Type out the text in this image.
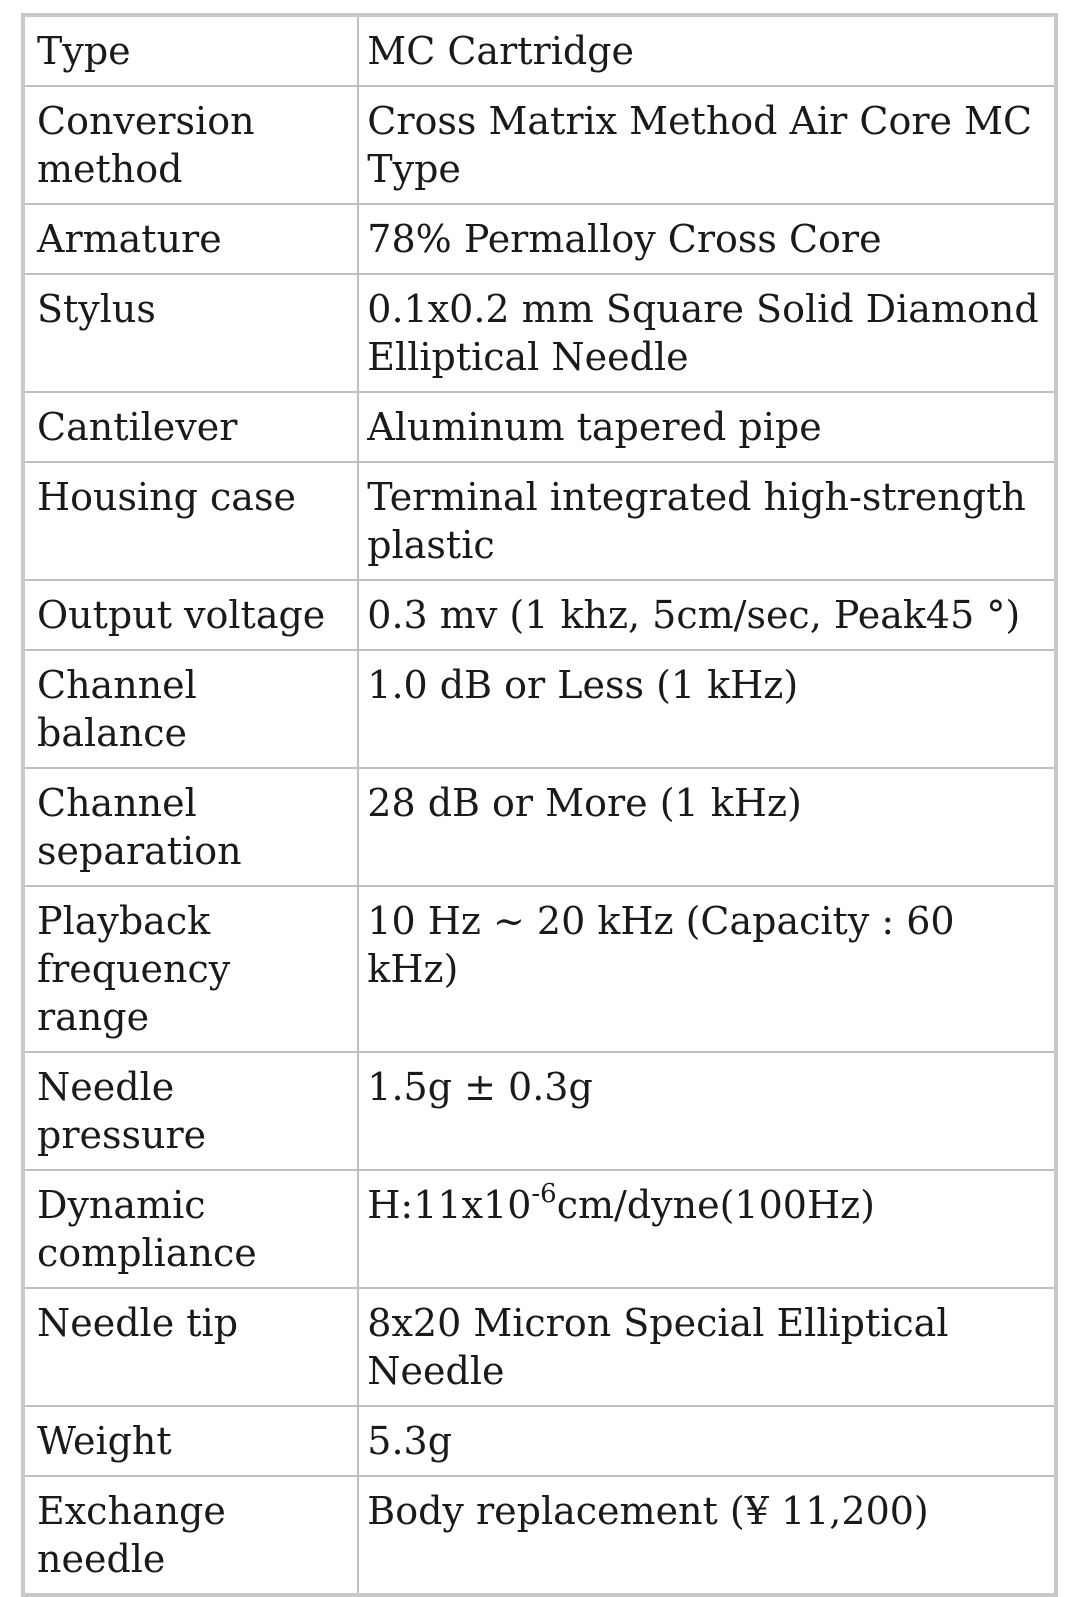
Type	MC Cartridge
Conversion method	Cross Matrix Method Air Core MC Type
Armature	78% Permalloy Cross Core
Stylus	0.1x0.2 mm Square Solid Diamond Elliptical Needle
Cantilever	Aluminum tapered pipe
Housing case	Terminal integrated high-strength plastic
Output voltage	0.3 mv (1 khz, 5cm/sec, Peak45 °)
Channel balance	1.0 dB or Less (1 kHz)
Channel separation	28 dB or More (1 kHz)
Playback frequency range	10 Hz ~ 20 kHz (Capacity : 60 kHz)
Needle pressure	1.5g ± 0.3g
Dynamic compliance	$H:11x10^{-6}cm/dyne(100Hz)$
Needle tip	8x20 Micron Special Elliptical Needle
Weight	5.3g
Exchange needle	Body replacement (¥ 11,200)
